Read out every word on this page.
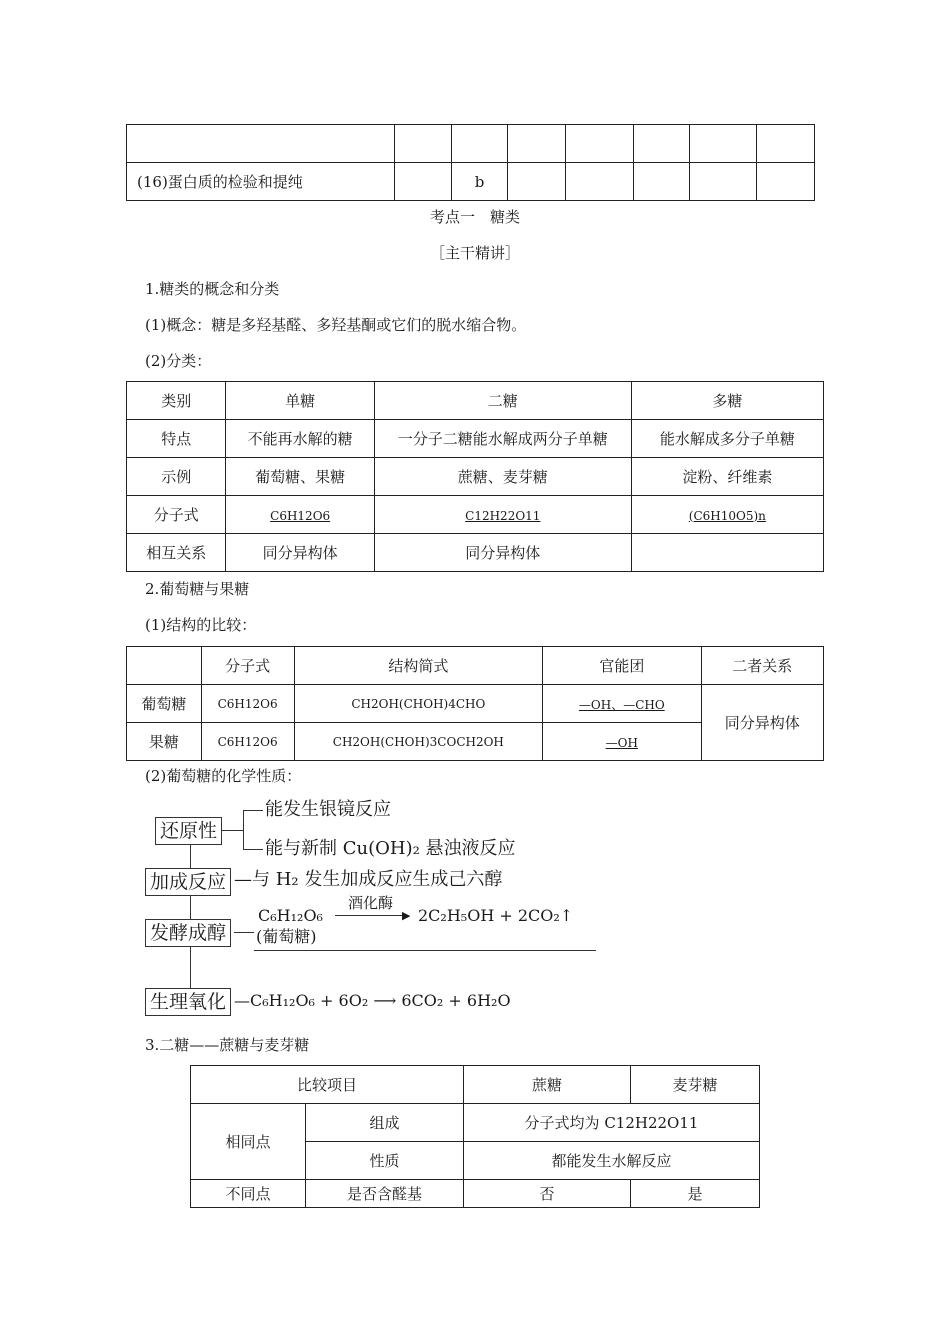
(16)蛋白质的检验和提纯		b					
考点一　糖类
［主干精讲］
1.糖类的概念和分类
(1)概念：糖是多羟基醛、多羟基酮或它们的脱水缩合物。
(2)分类：
类别	单糖	二糖	多糖
特点	不能再水解的糖	一分子二糖能水解成两分子单糖	能水解成多分子单糖
示例	葡萄糖、果糖	蔗糖、麦芽糖	淀粉、纤维素
分子式	C6H12O6	C12H22O11	(C6H10O5)n
相互关系	同分异构体	同分异构体	
2.葡萄糖与果糖
(1)结构的比较：
	分子式	结构简式	官能团	二者关系
葡萄糖	C6H12O6	CH2OH(CHOH)4CHO	—OH、—CHO	同分异构体
果糖	C6H12O6	CH2OH(CHOH)3COCH2OH	—OH	
(2)葡萄糖的化学性质：
还原性
能发生银镜反应
能与新制 Cu(OH)₂ 悬浊液反应
加成反应 —与 H₂ 发生加成反应生成己六醇
发酵成醇
C₆H₁₂O₆
(葡萄糖)
酒化酶
▶ 2C₂H₅OH + 2CO₂↑
生理氧化 —C₆H₁₂O₆ + 6O₂ ⟶ 6CO₂ + 6H₂O
3.二糖——蔗糖与麦芽糖
比较项目		蔗糖	麦芽糖
相同点	组成	分子式均为 C12H22O11	
	性质	都能发生水解反应	
不同点	是否含醛基	否	是
